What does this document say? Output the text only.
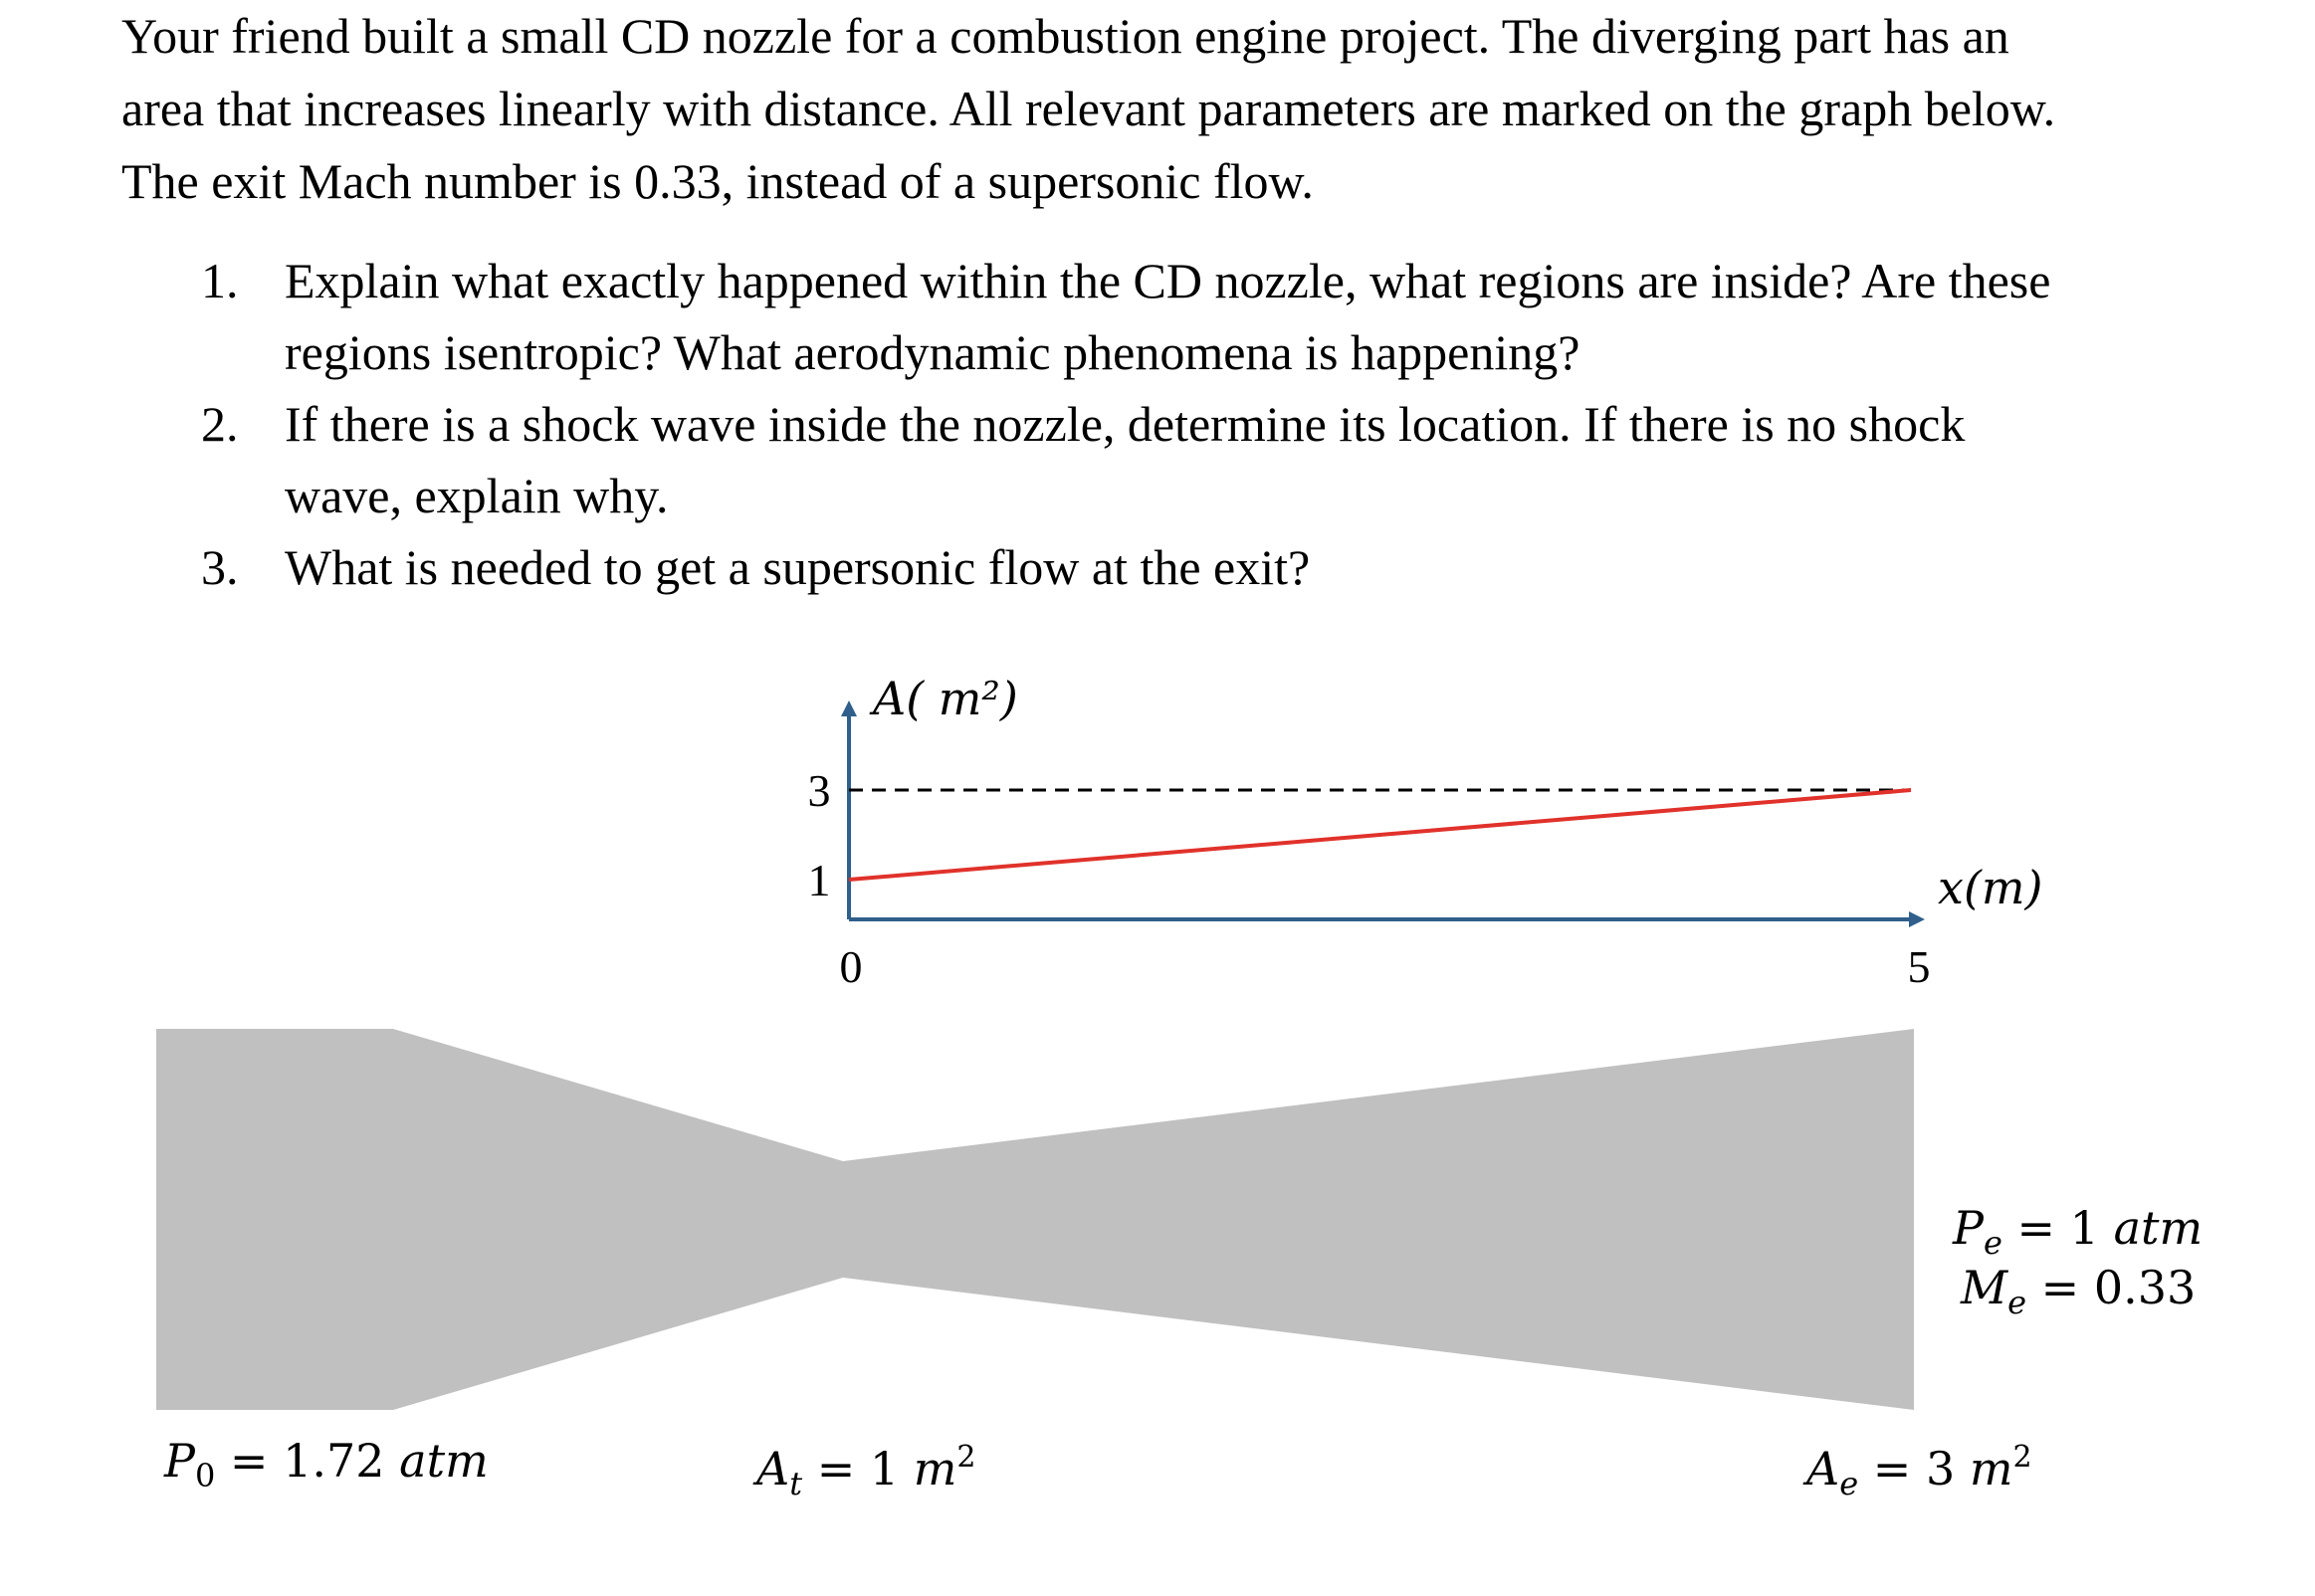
Your friend built a small CD nozzle for a combustion engine project. The diverging part has an
area that increases linearly with distance. All relevant parameters are marked on the graph below.
The exit Mach number is 0.33, instead of a supersonic flow.
1. Explain what exactly happened within the CD nozzle, what regions are inside? Are these
regions isentropic? What aerodynamic phenomena is happening?
2. If there is a shock wave inside the nozzle, determine its location. If there is no shock
wave, explain why.
3. What is needed to get a supersonic flow at the exit?
3
1
0	5
A( m²)
x(m)
$P_0 = 1.72$ atm	$A_t = 1$ $m^2$	$A_e = 3$ $m^2$
$P_e = 1$ atm
$M_e = 0.33$
